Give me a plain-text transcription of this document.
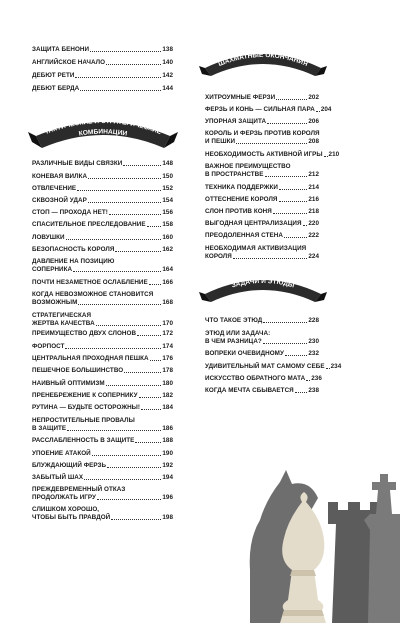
ЗАЩИТА БЕНОНИ	138
АНГЛИЙСКОЕ НАЧАЛО	140
ДЕБЮТ РЕТИ	142
ДЕБЮТ БЕРДА	144
ТАКТИЧЕСКИЕ И СТРАТЕГИЧЕСКИЕ
КОМБИНАЦИИ
РАЗЛИЧНЫЕ ВИДЫ СВЯЗКИ	148
КОНЕВАЯ ВИЛКА	150
ОТВЛЕЧЕНИЕ	152
СКВОЗНОЙ УДАР	154
СТОП — ПРОХОДА НЕТ!	156
СПАСИТЕЛЬНОЕ ПРЕСЛЕДОВАНИЕ	158
ЛОВУШКИ	160
БЕЗОПАСНОСТЬ КОРОЛЯ	162
ДАВЛЕНИЕ НА ПОЗИЦИЮ
СОПЕРНИКА	164
ПОЧТИ НЕЗАМЕТНОЕ ОСЛАБЛЕНИЕ 166
КОГДА НЕВОЗМОЖНОЕ СТАНОВИТСЯ
ВОЗМОЖНЫМ	168
СТРАТЕГИЧЕСКАЯ
ЖЕРТВА КАЧЕСТВА	170
ПРЕИМУЩЕСТВО ДВУХ СЛОНОВ	172
ФОРПОСТ	174
ЦЕНТРАЛЬНАЯ ПРОХОДНАЯ ПЕШКА 176
ПЕШЕЧНОЕ БОЛЬШИНСТВО	178
НАИВНЫЙ ОПТИМИЗМ	180
ПРЕНЕБРЕЖЕНИЕ К СОПЕРНИКУ	182
РУТИНА — БУДЬТЕ ОСТОРОЖНЫ!	184
НЕПРОСТИТЕЛЬНЫЕ ПРОВАЛЫ
В ЗАЩИТЕ	186
РАССЛАБЛЕННОСТЬ В ЗАЩИТЕ	188
УПОЕНИЕ АТАКОЙ	190
БЛУЖДАЮЩИЙ ФЕРЗЬ	192
ЗАБЫТЫЙ ШАХ	194
ПРЕЖДЕВРЕМЕННЫЙ ОТКАЗ
ПРОДОЛЖАТЬ ИГРУ	196
СЛИШКОМ ХОРОШО,
ЧТОБЫ БЫТЬ ПРАВДОЙ	198
ШАХМАТНЫЕ ОКОНЧАНИЯ
ХИТРОУМНЫЕ ФЕРЗИ	202
ФЕРЗЬ И КОНЬ — СИЛЬНАЯ ПАРА 204
УПОРНАЯ ЗАЩИТА	206
КОРОЛЬ И ФЕРЗЬ ПРОТИВ КОРОЛЯ
И ПЕШКИ	208
НЕОБХОДИМОСТЬ АКТИВНОЙ ИГРЫ 210
ВАЖНОЕ ПРЕИМУЩЕСТВО
В ПРОСТРАНСТВЕ	212
ТЕХНИКА ПОДДЕРЖКИ	214
ОТТЕСНЕНИЕ КОРОЛЯ	216
СЛОН ПРОТИВ КОНЯ	218
ВЫГОДНАЯ ЦЕНТРАЛИЗАЦИЯ 220
ПРЕОДОЛЕННАЯ СТЕНА	222
НЕОБХОДИМАЯ АКТИВИЗАЦИЯ
КОРОЛЯ	224
ЗАДАЧИ И ЭТЮДЫ
ЧТО ТАКОЕ ЭТЮД	228
ЭТЮД ИЛИ ЗАДАЧА:
В ЧЕМ РАЗНИЦА?	230
ВОПРЕКИ ОЧЕВИДНОМУ	232
УДИВИТЕЛЬНЫЙ МАТ САМОМУ СЕБЕ 234
ИСКУССТВО ОБРАТНОГО МАТА 236
КОГДА МЕЧТА СБЫВАЕТСЯ 238
